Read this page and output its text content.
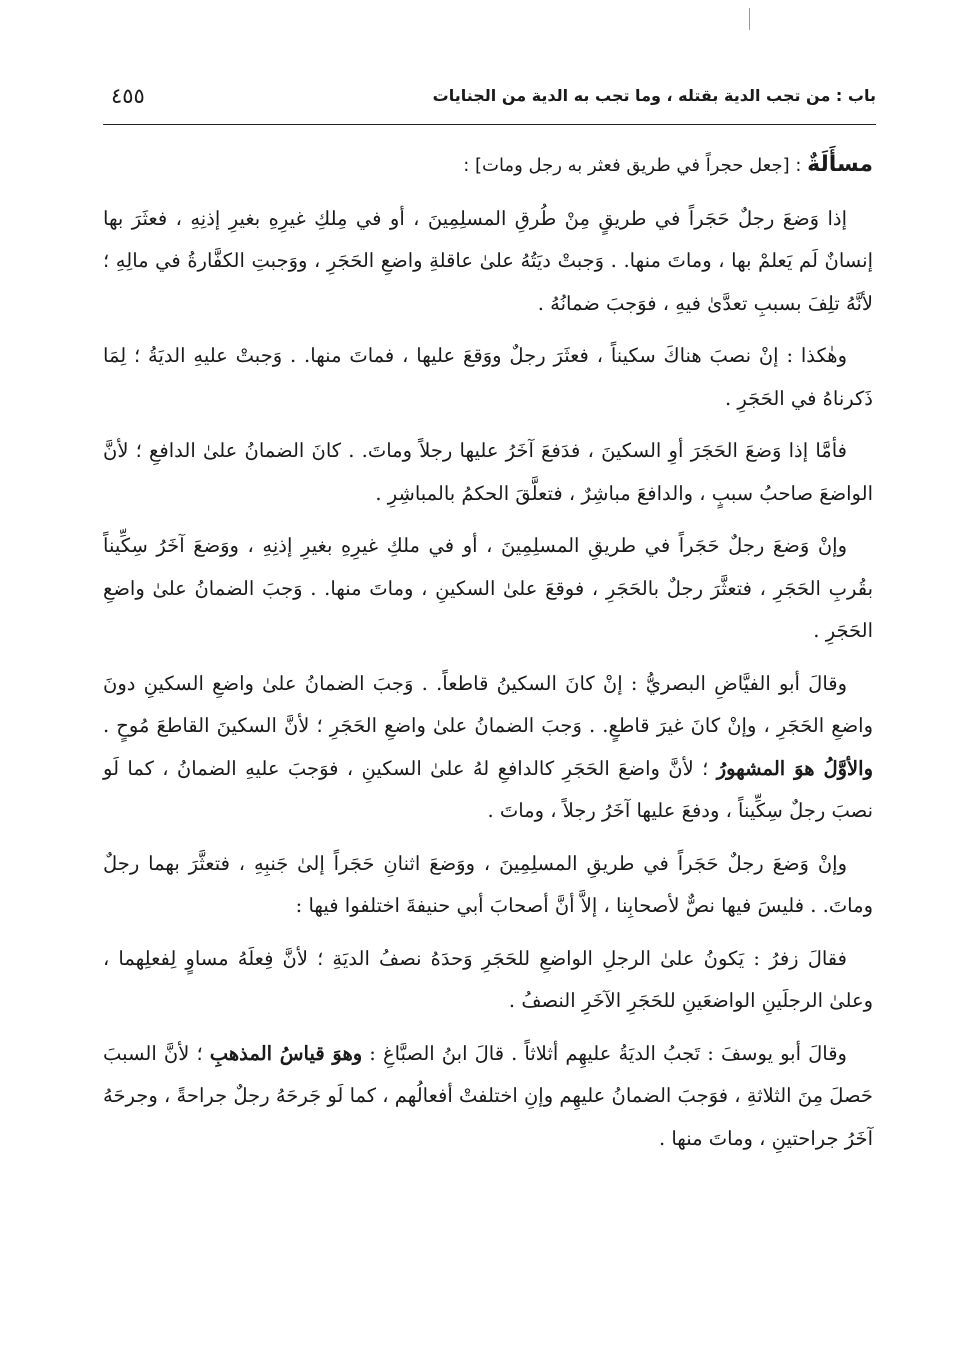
باب : من تجب الدية بقتله ، وما تجب به الدية من الجنايات
٤٥٥

مسأَلَةٌ : [جعل حجراً في طريق فعثر به رجل ومات] :

إذا وَضعَ رجلٌ حَجَراً في طريقٍ مِنْ طُرقِ المسلِمِينَ ، أو في مِلكِ غيرِهِ بغيرِ إذنِهِ ، فعثَرَ بها إنسانٌ لَم يَعلمْ بها ، وماتَ منها. . وَجبتْ ديَتُهُ علىٰ عاقلةِ واضعِ الحَجَرِ ، ووَجبتِ الكفَّارةُ في مالِهِ ؛ لأنَّهُ تلِفَ بسببِ تعدَّىٰ فيهِ ، فوَجبَ ضمانُهُ .

وهٰكذا : إنْ نصبَ هناكَ سكيناً ، فعثَرَ رجلٌ ووَقعَ عليها ، فماتَ منها. . وَجبتْ عليهِ الديَةُ ؛ لِمَا ذَكرناهُ في الحَجَرِ .

فأمَّا إذا وَضعَ الحَجَرَ أوِ السكينَ ، فدَفعَ آخَرُ عليها رجلاً وماتَ. . كانَ الضمانُ علىٰ الدافعِ ؛ لأنَّ الواضعَ صاحبُ سببٍ ، والدافعَ مباشِرٌ ، فتعلَّقَ الحكمُ بالمباشِرِ .

وإنْ وَضعَ رجلٌ حَجَراً في طريقِ المسلِمِينَ ، أو في ملكِ غيرِهِ بغيرِ إذنِهِ ، ووَضعَ آخَرُ سِكِّيناً بقُربِ الحَجَرِ ، فتعثَّرَ رجلٌ بالحَجَرِ ، فوقعَ علىٰ السكينِ ، وماتَ منها. . وَجبَ الضمانُ علىٰ واضعِ الحَجَرِ .

وقالَ أبو الفيَّاضِ البصريُّ : إنْ كانَ السكينُ قاطعاً. . وَجبَ الضمانُ علىٰ واضعِ السكينِ دونَ واضعِ الحَجَرِ ، وإنْ كانَ غيرَ قاطعٍ. . وَجبَ الضمانُ علىٰ واضعِ الحَجَرِ ؛ لأنَّ السكينَ القاطعَ مُوحٍ . والأوَّلُ هوَ المشهورُ ؛ لأنَّ واضعَ الحَجَرِ كالدافعِ لهُ علىٰ السكينِ ، فوَجبَ عليهِ الضمانُ ، كما لَو نصبَ رجلٌ سِكِّيناً ، ودفعَ عليها آخَرُ رجلاً ، وماتَ .

وإنْ وَضعَ رجلٌ حَجَراً في طريقِ المسلِمِينَ ، ووَضعَ اثنانِ حَجَراً إلىٰ جَنبِهِ ، فتعثَّرَ بهما رجلٌ وماتَ. . فليسَ فيها نصٌّ لأصحابِنا ، إلاَّ أنَّ أصحابَ أبي حنيفةَ اختلفوا فيها :

فقالَ زفرُ : يَكونُ علىٰ الرجلِ الواضعِ للحَجَرِ وَحدَهُ نصفُ الديَةِ ؛ لأنَّ فِعلَهُ مساوٍ لِفعلِهما ، وعلىٰ الرجلَينِ الواضعَينِ للحَجَرِ الآخَرِ النصفُ .

وقالَ أبو يوسفَ : تَجبُ الديَةُ عليهِم أثلاثاً . قالَ ابنُ الصبَّاغِ : وهوَ قياسُ المذهبِ ؛ لأنَّ السببَ حَصلَ مِنَ الثلاثةِ ، فوَجبَ الضمانُ عليهِم وإنِ اختلفتْ أفعالُهم ، كما لَو جَرحَهُ رجلٌ جراحةً ، وجرحَهُ آخَرُ جراحتينِ ، وماتَ منها .
